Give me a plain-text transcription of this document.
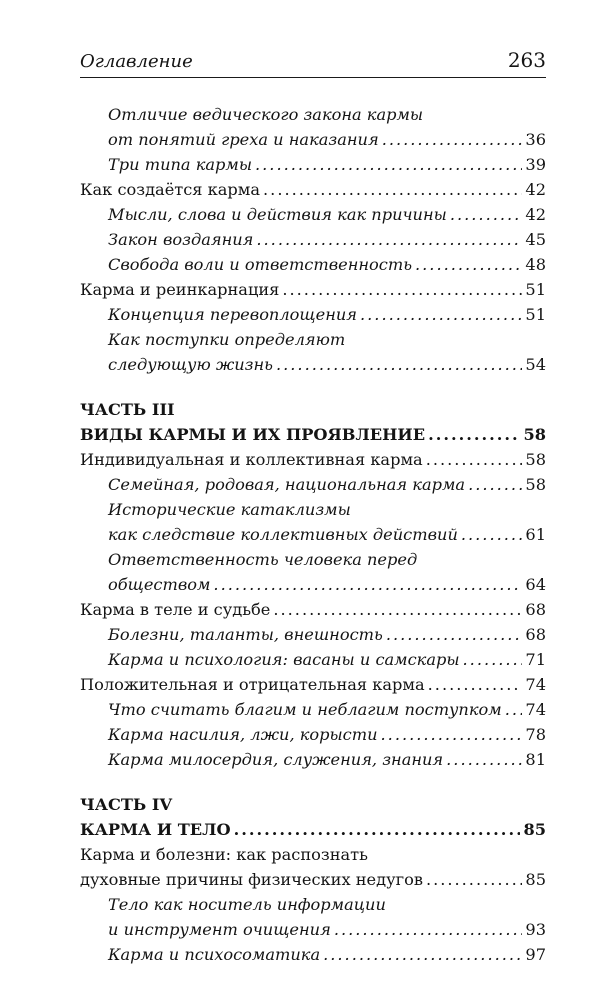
Оглавление	263
Отличие ведического закона кармы
от понятий греха и наказания .....	36
Три типа кармы .....	39
Как создаётся карма .....	42
Мысли, слова и действия как причины .....	42
Закон воздаяния .....	45
Свобода воли и ответственность .....	48
Карма и реинкарнация .....	51
Концепция перевоплощения .....	51
Как поступки определяют
следующую жизнь .....	54
ЧАСТЬ III
ВИДЫ КАРМЫ И ИХ ПРОЯВЛЕНИЕ .....	58
Индивидуальная и коллективная карма .....	58
Семейная, родовая, национальная карма .....	58
Исторические катаклизмы
как следствие коллективных действий .....	61
Ответственность человека перед
обществом .....	64
Карма в теле и судьбе .....	68
Болезни, таланты, внешность .....	68
Карма и психология: васаны и самскары .....	71
Положительная и отрицательная карма .....	74
Что считать благим и неблагим поступком ..... 74
Карма насилия, лжи, корысти .....	78
Карма милосердия, служения, знания .....	81
ЧАСТЬ IV
КАРМА И ТЕЛО .....	85
Карма и болезни: как распознать
духовные причины физических недугов .....	85
Тело как носитель информации
и инструмент очищения .....	93
Карма и психосоматика .....	97
